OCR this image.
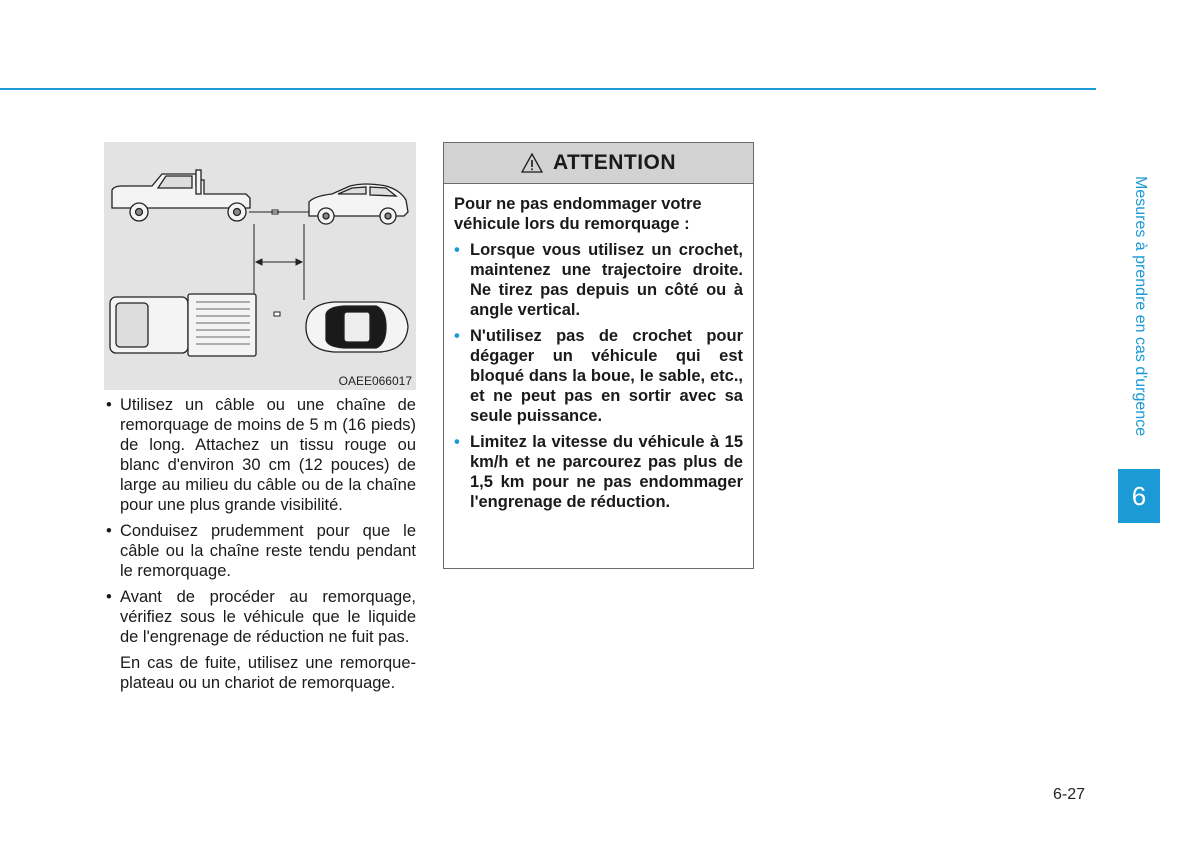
OAEE066017
• Utilisez un câble ou une chaîne de remorquage de moins de 5 m (16 pieds) de long. Attachez un tissu rouge ou blanc d'environ 30 cm (12 pouces) de large au milieu du câble ou de la chaîne pour une plus grande visibilité.
• Conduisez prudemment pour que le câble ou la chaîne reste tendu pendant le remorquage.
• Avant de procéder au remorquage, vérifiez sous le véhicule que le liquide de l'engrenage de réduction ne fuit pas.

En cas de fuite, utilisez une remorque-plateau ou un chariot de remorquage.

ATTENTION

Pour ne pas endommager votre véhicule lors du remorquage :

• Lorsque vous utilisez un crochet, maintenez une trajectoire droite. Ne tirez pas depuis un côté ou à angle vertical.
• N'utilisez pas de crochet pour dégager un véhicule qui est bloqué dans la boue, le sable, etc., et ne peut pas en sortir avec sa seule puissance.
• Limitez la vitesse du véhicule à 15 km/h et ne parcourez pas plus de 1,5 km pour ne pas endommager l'engrenage de réduction.
Mesures à prendre en cas d'urgence
6
6-27
